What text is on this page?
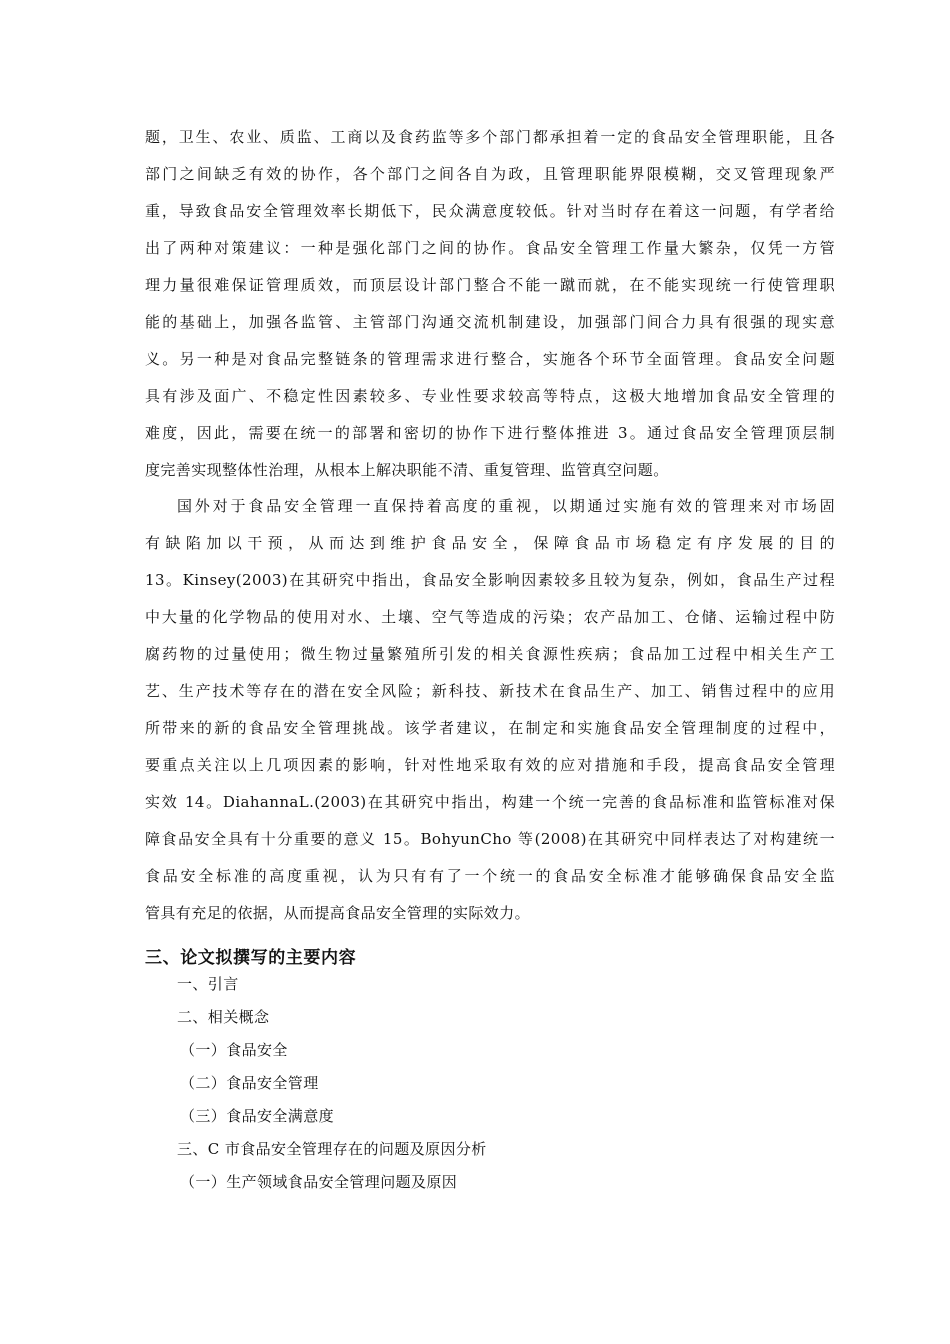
题，卫生、农业、质监、工商以及食药监等多个部门都承担着一定的食品安全管理职能，且各
部门之间缺乏有效的协作，各个部门之间各自为政，且管理职能界限模糊，交叉管理现象严
重，导致食品安全管理效率长期低下，民众满意度较低。针对当时存在着这一问题，有学者给
出了两种对策建议：一种是强化部门之间的协作。食品安全管理工作量大繁杂，仅凭一方管
理力量很难保证管理质效，而顶层设计部门整合不能一蹴而就，在不能实现统一行使管理职
能的基础上，加强各监管、主管部门沟通交流机制建设，加强部门间合力具有很强的现实意
义。另一种是对食品完整链条的管理需求进行整合，实施各个环节全面管理。食品安全问题
具有涉及面广、不稳定性因素较多、专业性要求较高等特点，这极大地增加食品安全管理的
难度，因此，需要在统一的部署和密切的协作下进行整体推进 3。通过食品安全管理顶层制
度完善实现整体性治理，从根本上解决职能不清、重复管理、监管真空问题。
国外对于食品安全管理一直保持着高度的重视，以期通过实施有效的管理来对市场固
有缺陷加以干预，从而达到维护食品安全，保障食品市场稳定有序发展的目的
13。Kinsey(2003)在其研究中指出，食品安全影响因素较多且较为复杂，例如，食品生产过程
中大量的化学物品的使用对水、土壤、空气等造成的污染；农产品加工、仓储、运输过程中防
腐药物的过量使用；微生物过量繁殖所引发的相关食源性疾病；食品加工过程中相关生产工
艺、生产技术等存在的潜在安全风险；新科技、新技术在食品生产、加工、销售过程中的应用
所带来的新的食品安全管理挑战。该学者建议，在制定和实施食品安全管理制度的过程中，
要重点关注以上几项因素的影响，针对性地采取有效的应对措施和手段，提高食品安全管理
实效 14。DiahannaL.(2003)在其研究中指出，构建一个统一完善的食品标准和监管标准对保
障食品安全具有十分重要的意义 15。BohyunCho 等(2008)在其研究中同样表达了对构建统一
食品安全标准的高度重视，认为只有有了一个统一的食品安全标准才能够确保食品安全监
管具有充足的依据，从而提高食品安全管理的实际效力。
三、论文拟撰写的主要内容
一、引言
二、相关概念
（一）食品安全
（二）食品安全管理
（三）食品安全满意度
三、C 市食品安全管理存在的问题及原因分析
（一）生产领域食品安全管理问题及原因
